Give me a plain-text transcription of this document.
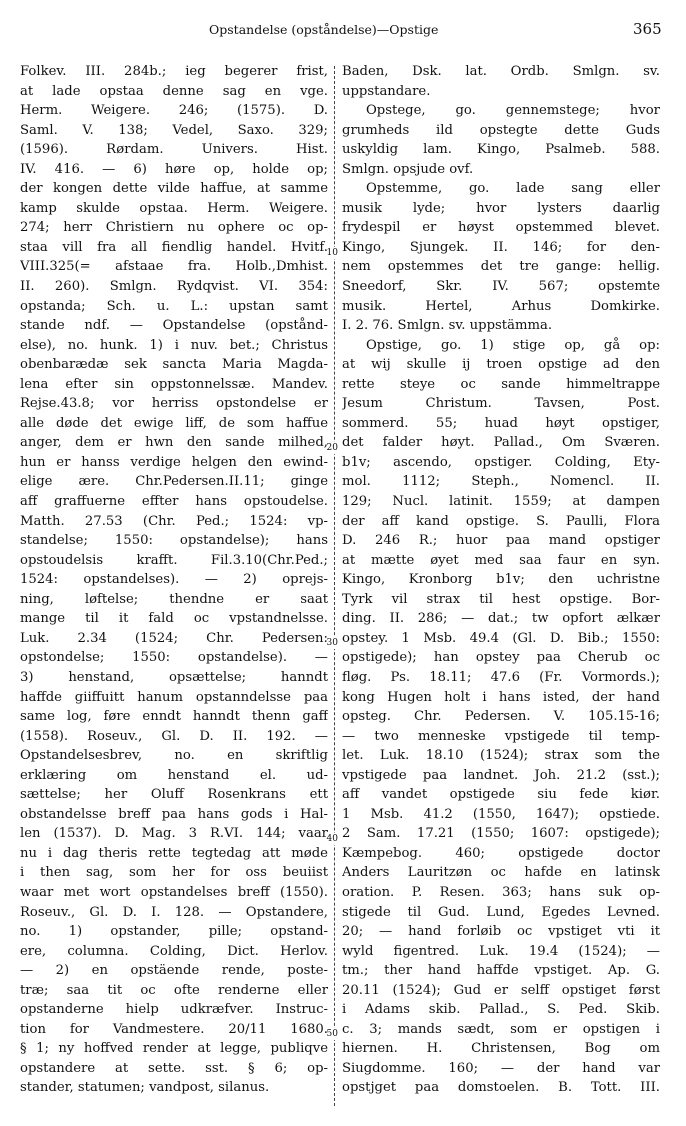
Opstandelse (opståndelse)—Opstige	365
10
20
30
40
50
Folkev. III. 284b.; ieg begerer frist,
at lade opstaa denne sag en vge.
Herm. Weigere. 246; (1575). D.
Saml. V. 138; Vedel, Saxo. 329;
(1596). Rørdam. Univers. Hist.
IV. 416. — 6) høre op, holde op;
der kongen dette vilde haffue, at samme
kamp skulde opstaa. Herm. Weigere.
274; herr Christiern nu ophere oc op-
staa vill fra all fiendlig handel. Hvitf.
VIII.325(= afstaae fra. Holb.,Dmhist.
II. 260). Smlgn. Rydqvist. VI. 354:
opstanda; Sch. u. L.: upstan samt
stande ndf. — Opstandelse (opstånd-
else), no. hunk. 1) i nuv. bet.; Christus
obenbarædæ sek sancta Maria Magda-
lena efter sin oppstonnelssæ. Mandev.
Rejse.43.8; vor herriss opstondelse er
alle døde det ewige liff, de som haffue
anger, dem er hwn den sande milhed,
hun er hanss verdige helgen den ewind-
elige ære. Chr.Pedersen.II.11; ginge
aff graffuerne effter hans opstoudelse.
Matth. 27.53 (Chr. Ped.; 1524: vp-
standelse; 1550: opstandelse); hans
opstoudelsis krafft. Fil.3.10(Chr.Ped.;
1524: opstandelses). — 2) oprejs-
ning, løftelse; thendne er saat
mange til it fald oc vpstandnelsse.
Luk. 2.34 (1524; Chr. Pedersen:
opstondelse; 1550: opstandelse). —
3) henstand, opsættelse; hanndt
haffde giiffuitt hanum opstanndelsse paa
same log, føre enndt hanndt thenn gaff
(1558). Roseuv., Gl. D. II. 192. —
Opstandelsesbrev, no. en skriftlig
erklæring om henstand el. ud-
sættelse; her Oluff Rosenkrans ett
obstandelsse breff paa hans gods i Hal-
len (1537). D. Mag. 3 R.VI. 144; vaar
nu i dag theris rette tegtedag att møde
i then sag, som her for oss beuiist
waar met wort opstandelses breff (1550).
Roseuv., Gl. D. I. 128. — Opstandere,
no. 1) opstander, pille; opstand-
ere, columna. Colding, Dict. Herlov.
— 2) en opstäende rende, poste-
træ; saa tit oc ofte renderne eller
opstanderne hielp udkræfver. Instruc-
tion for Vandmestere. 20/11 1680.
§ 1; ny hoffved render at legge, publiqve
opstandere at sette. sst. § 6; op-
stander, statumen; vandpost, silanus.
Baden, Dsk. lat. Ordb. Smlgn. sv.
uppstandare.
Opstege, go. gennemstege; hvor
grumheds ild opstegte dette Guds
uskyldig lam. Kingo, Psalmeb. 588.
Smlgn. opsjude ovf.
Opstemme, go. lade sang eller
musik lyde; hvor lysters daarlig
frydespil er høyst opstemmed blevet.
Kingo, Sjungek. II. 146; for den-
nem opstemmes det tre gange: hellig.
Sneedorf, Skr. IV. 567; opstemte
musik. Hertel, Arhus Domkirke.
I. 2. 76. Smlgn. sv. uppstämma.
Opstige, go. 1) stige op, gå op:
at wij skulle ij troen opstige ad den
rette steye oc sande himmeltrappe
Jesum Christum. Tavsen, Post.
sommerd. 55; huad høyt opstiger,
det falder høyt. Pallad., Om Sværen.
b1v; ascendo, opstiger. Colding, Ety-
mol. 1112; Steph., Nomencl. II.
129; Nucl. latinit. 1559; at dampen
der aff kand opstige. S. Paulli, Flora
D. 246 R.; huor paa mand opstiger
at mætte øyet med saa faur en syn.
Kingo, Kronborg b1v; den uchristne
Tyrk vil strax til hest opstige. Bor-
ding. II. 286; — dat.; tw opfort ælkær
opstey. 1 Msb. 49.4 (Gl. D. Bib.; 1550:
opstigede); han opstey paa Cherub oc
fløg. Ps. 18.11; 47.6 (Fr. Vormords.);
kong Hugen holt i hans isted, der hand
opsteg. Chr. Pedersen. V. 105.15-16;
— two menneske vpstigede til temp-
let. Luk. 18.10 (1524); strax som the
vpstigede paa landnet. Joh. 21.2 (sst.);
aff vandet opstigede siu fede kiør.
1 Msb. 41.2 (1550, 1647); opstiede.
2 Sam. 17.21 (1550; 1607: opstigede);
Kæmpebog. 460; opstigede doctor
Anders Lauritzøn oc hafde en latinsk
oration. P. Resen. 363; hans suk op-
stigede til Gud. Lund, Egedes Levned.
20; — hand forløib oc vpstiget vti it
wyld figentred. Luk. 19.4 (1524); —
tm.; ther hand haffde vpstiget. Ap. G.
20.11 (1524); Gud er selff opstiget først
i Adams skib. Pallad., S. Ped. Skib.
c. 3; mands sædt, som er opstigen i
hiernen. H. Christensen, Bog om
Siugdomme. 160; — der hand var
opstjget paa domstoelen. B. Tott. III.
